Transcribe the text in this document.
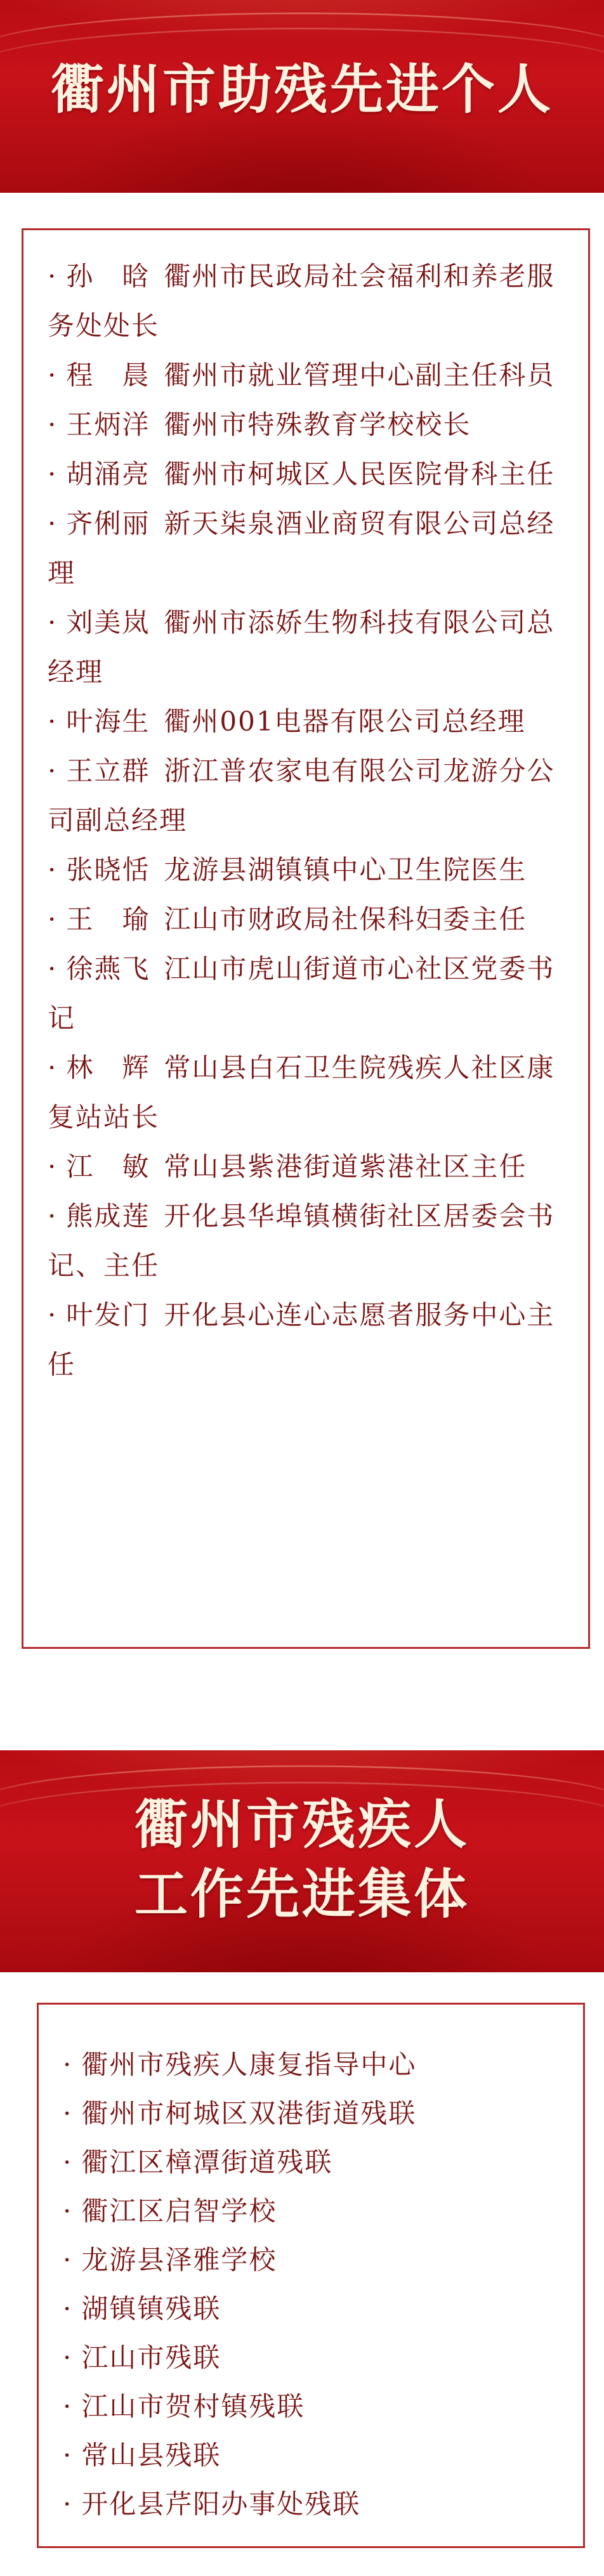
衢州市助残先进个人

· 孙　晗 衢州市民政局社会福利和养老服务处处长

· 程　晨 衢州市就业管理中心副主任科员

· 王炳洋 衢州市特殊教育学校校长

· 胡涌亮 衢州市柯城区人民医院骨科主任

· 齐俐丽 新天柒泉酒业商贸有限公司总经理

· 刘美岚 衢州市添娇生物科技有限公司总经理

· 叶海生 衢州001电器有限公司总经理

· 王立群 浙江普农家电有限公司龙游分公司副总经理

· 张晓恬 龙游县湖镇镇中心卫生院医生

· 王　瑜 江山市财政局社保科妇委主任

· 徐燕飞 江山市虎山街道市心社区党委书记

· 林　辉 常山县白石卫生院残疾人社区康复站站长

· 江　敏 常山县紫港街道紫港社区主任

· 熊成莲 开化县华埠镇横街社区居委会书记、主任

· 叶发门 开化县心连心志愿者服务中心主任

衢州市残疾人
工作先进集体

· 衢州市残疾人康复指导中心

· 衢州市柯城区双港街道残联

· 衢江区樟潭街道残联

· 衢江区启智学校

· 龙游县泽雅学校

· 湖镇镇残联

· 江山市残联

· 江山市贺村镇残联

· 常山县残联

· 开化县芹阳办事处残联
